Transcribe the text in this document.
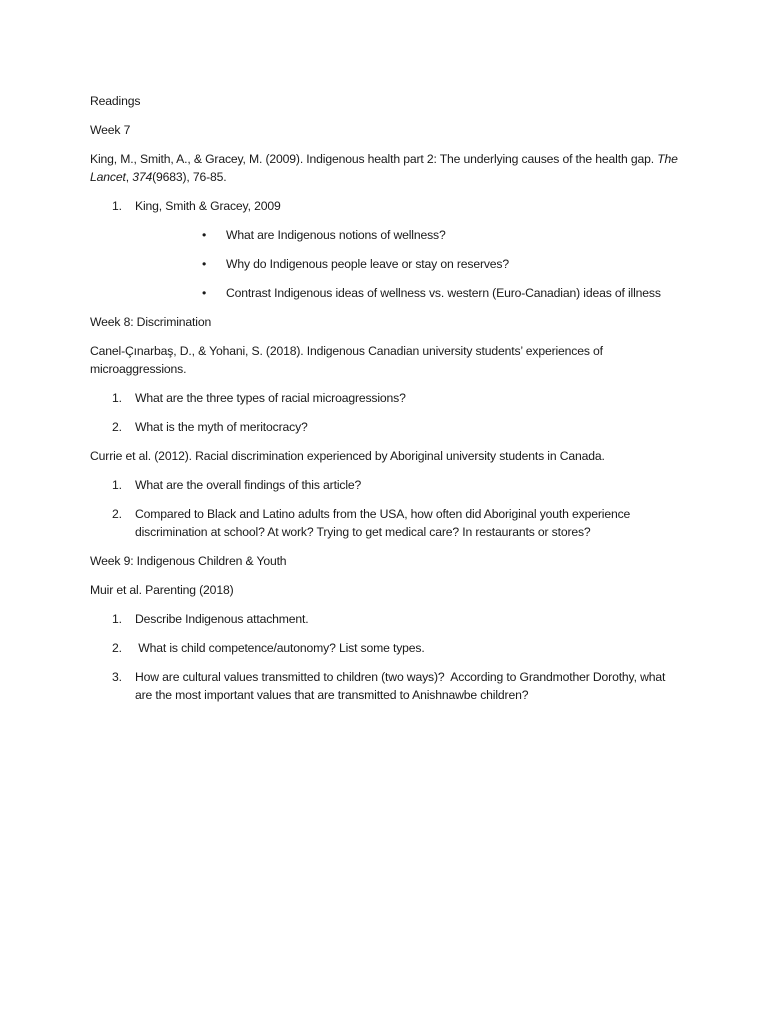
Readings

Week 7

King, M., Smith, A., & Gracey, M. (2009). Indigenous health part 2: The underlying causes of the health gap. The Lancet, 374(9683), 76-85.

1. King, Smith & Gracey, 2009
• What are Indigenous notions of wellness?
• Why do Indigenous people leave or stay on reserves?
• Contrast Indigenous ideas of wellness vs. western (Euro-Canadian) ideas of illness

Week 8: Discrimination

Canel-Çınarbaş, D., & Yohani, S. (2018). Indigenous Canadian university students’ experiences of microaggressions.

1. What are the three types of racial microagressions?
2. What is the myth of meritocracy?

Currie et al. (2012). Racial discrimination experienced by Aboriginal university students in Canada.

1. What are the overall findings of this article?
2. Compared to Black and Latino adults from the USA, how often did Aboriginal youth experience discrimination at school? At work? Trying to get medical care? In restaurants or stores?

Week 9: Indigenous Children & Youth

Muir et al. Parenting (2018)

1. Describe Indigenous attachment.
2. What is child competence/autonomy? List some types.
3. How are cultural values transmitted to children (two ways)?  According to Grandmother Dorothy, what are the most important values that are transmitted to Anishnawbe children?
